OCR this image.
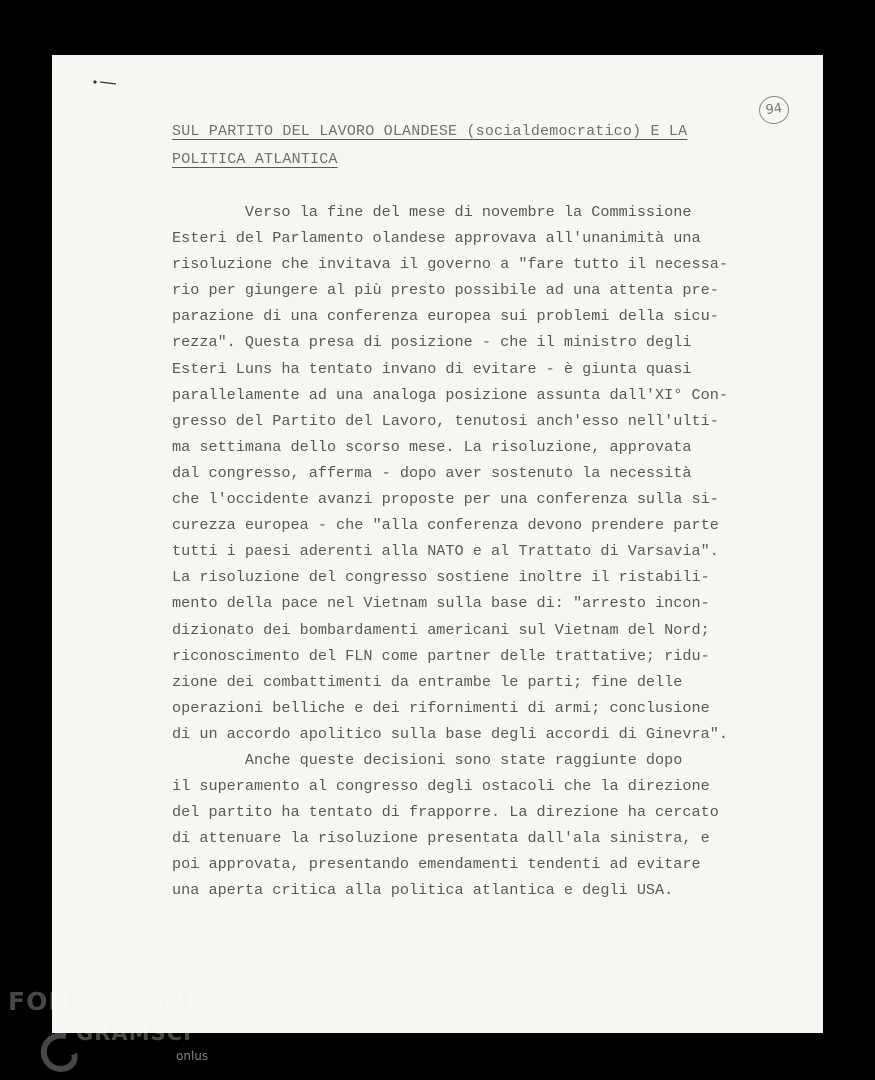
94
SUL PARTITO DEL LAVORO OLANDESE (socialdemocratico) E LA
POLITICA ATLANTICA
Verso la fine del mese di novembre la Commissione
Esteri del Parlamento olandese approvava all'unanimità una
risoluzione che invitava il governo a "fare tutto il necessa-
rio per giungere al più presto possibile ad una attenta pre-
parazione di una conferenza europea sui problemi della sicu-
rezza". Questa presa di posizione - che il ministro degli
Esteri Luns ha tentato invano di evitare - è giunta quasi
parallelamente ad una analoga posizione assunta dall'XI° Con-
gresso del Partito del Lavoro, tenutosi anch'esso nell'ulti-
ma settimana dello scorso mese. La risoluzione, approvata
dal congresso, afferma - dopo aver sostenuto la necessità
che l'occidente avanzi proposte per una conferenza sulla si-
curezza europea - che "alla conferenza devono prendere parte
tutti i paesi aderenti alla NATO e al Trattato di Varsavia".
La risoluzione del congresso sostiene inoltre il ristabili-
mento della pace nel Vietnam sulla base di: "arresto incon-
dizionato dei bombardamenti americani sul Vietnam del Nord;
riconoscimento del FLN come partner delle trattative; ridu-
zione dei combattimenti da entrambe le parti; fine delle
operazioni belliche e dei rifornimenti di armi; conclusione
di un accordo apolitico sulla base degli accordi di Ginevra".
Anche queste decisioni sono state raggiunte dopo
il superamento al congresso degli ostacoli che la direzione
del partito ha tentato di frapporre. La direzione ha cercato
di attenuare la risoluzione presentata dall'ala sinistra, e
poi approvata, presentando emendamenti tendenti ad evitare
una aperta critica alla politica atlantica e degli USA.
FONDAZIONE
GRAMSCI
onlus
